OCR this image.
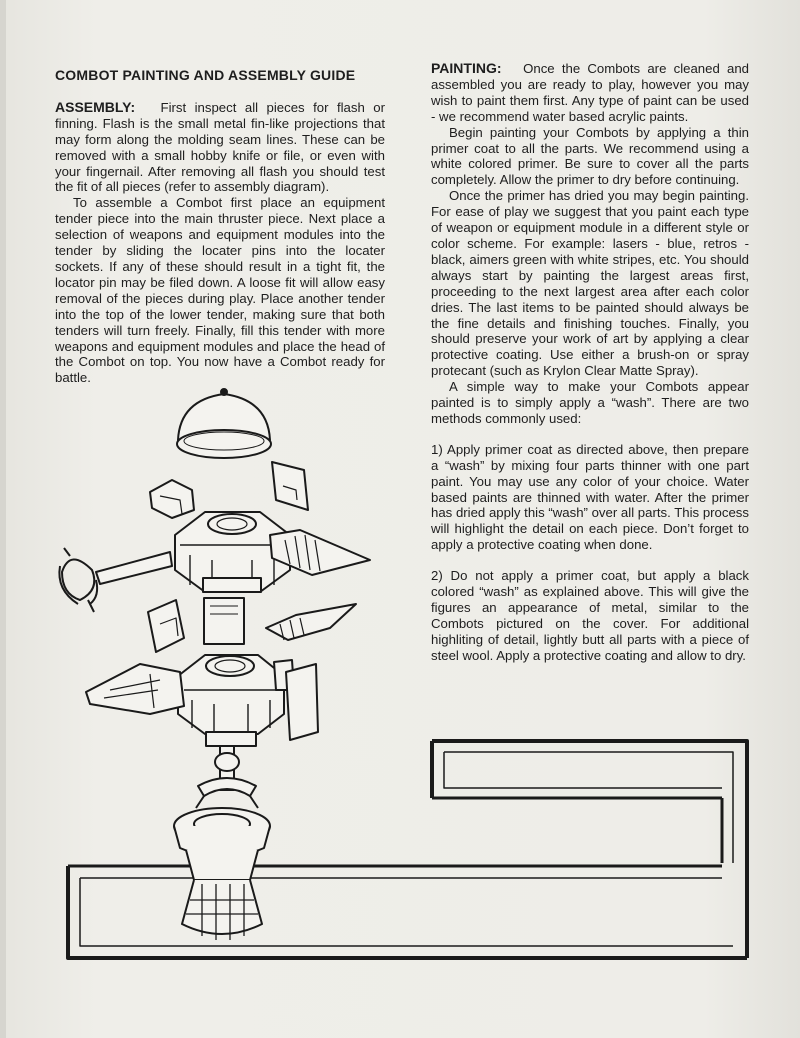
COMBOT PAINTING AND ASSEMBLY GUIDE

ASSEMBLY: First inspect all pieces for flash or finning. Flash is the small metal fin-like projections that may form along the molding seam lines. These can be removed with a small hobby knife or file, or even with your fingernail. After removing all flash you should test the fit of all pieces (refer to assembly diagram).

To assemble a Combot first place an equipment tender piece into the main thruster piece. Next place a selection of weapons and equipment modules into the tender by sliding the locater pins into the locater sockets. If any of these should result in a tight fit, the locator pin may be filed down. A loose fit will allow easy removal of the pieces during play. Place another tender into the top of the lower tender, making sure that both tenders will turn freely. Finally, fill this tender with more weapons and equipment modules and place the head of the Combot on top. You now have a Combot ready for battle.

PAINTING: Once the Combots are cleaned and assembled you are ready to play, however you may wish to paint them first. Any type of paint can be used - we recommend water based acrylic paints.

Begin painting your Combots by applying a thin primer coat to all the parts. We recommend using a white colored primer. Be sure to cover all the parts completely. Allow the primer to dry before continuing.

Once the primer has dried you may begin painting. For ease of play we suggest that you paint each type of weapon or equipment module in a different style or color scheme. For example: lasers - blue, retros - black, aimers green with white stripes, etc. You should always start by painting the largest areas first, proceeding to the next largest area after each color dries. The last items to be painted should always be the fine details and finishing touches. Finally, you should preserve your work of art by applying a clear protective coating. Use either a brush-on or spray protecant (such as Krylon Clear Matte Spray).

A simple way to make your Combots appear painted is to simply apply a “wash”. There are two methods commonly used:

1) Apply primer coat as directed above, then prepare a “wash” by mixing four parts thinner with one part paint. You may use any color of your choice. Water based paints are thinned with water. After the primer has dried apply this “wash” over all parts. This process will highlight the detail on each piece. Don’t forget to apply a protective coating when done.

2) Do not apply a primer coat, but apply a black colored “wash” as explained above. This will give the figures an appearance of metal, similar to the Combots pictured on the cover. For additional highliting of detail, lightly butt all parts with a piece of steel wool. Apply a protective coating and allow to dry.
